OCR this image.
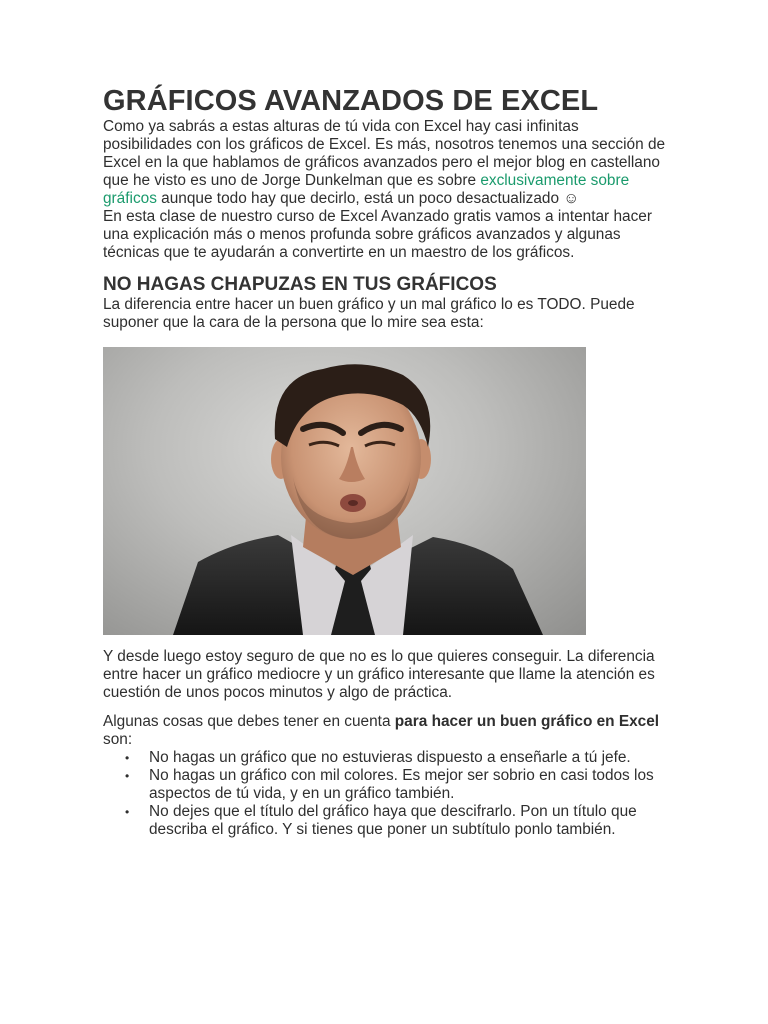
GRÁFICOS AVANZADOS DE EXCEL

Como ya sabrás a estas alturas de tú vida con Excel hay casi infinitas posibilidades con los gráficos de Excel. Es más, nosotros tenemos una sección de Excel en la que hablamos de gráficos avanzados pero el mejor blog en castellano que he visto es uno de Jorge Dunkelman que es sobre exclusivamente sobre gráficos aunque todo hay que decirlo, está un poco desactualizado ☺

En esta clase de nuestro curso de Excel Avanzado gratis vamos a intentar hacer una explicación más o menos profunda sobre gráficos avanzados y algunas técnicas que te ayudarán a convertirte en un maestro de los gráficos.

NO HAGAS CHAPUZAS EN TUS GRÁFICOS

La diferencia entre hacer un buen gráfico y un mal gráfico lo es TODO. Puede suponer que la cara de la persona que lo mire sea esta:

Y desde luego estoy seguro de que no es lo que quieres conseguir. La diferencia entre hacer un gráfico mediocre y un gráfico interesante que llame la atención es cuestión de unos pocos minutos y algo de práctica.

Algunas cosas que debes tener en cuenta para hacer un buen gráfico en Excel son:

• No hagas un gráfico que no estuvieras dispuesto a enseñarle a tú jefe.
• No hagas un gráfico con mil colores. Es mejor ser sobrio en casi todos los aspectos de tú vida, y en un gráfico también.
• No dejes que el título del gráfico haya que descifrarlo. Pon un título que describa el gráfico. Y si tienes que poner un subtítulo ponlo también.
